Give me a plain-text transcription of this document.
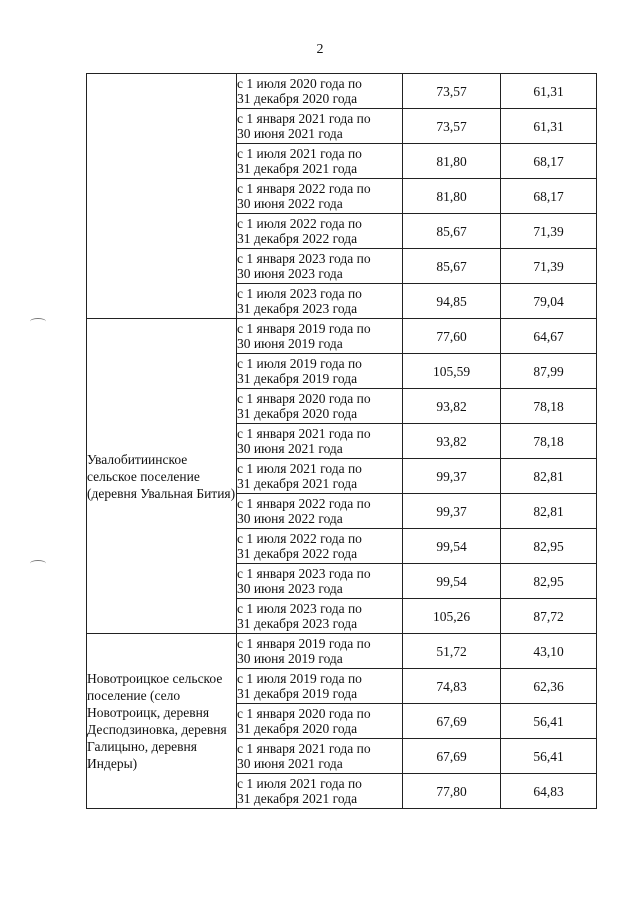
2

	с 1 июля 2020 года по
31 декабря 2020 года	73,57	61,31

	с 1 января 2021 года по
30 июня 2021 года	73,57	61,31

	с 1 июля 2021 года по
31 декабря 2021 года	81,80	68,17

	с 1 января 2022 года по
30 июня 2022 года	81,80	68,17

	с 1 июля 2022 года по
31 декабря 2022 года	85,67	71,39

	с 1 января 2023 года по
30 июня 2023 года	85,67	71,39

	с 1 июля 2023 года по
31 декабря 2023 года	94,85	79,04
Увалобитиинское сельское поселение (деревня Увальная Бития)	с 1 января 2019 года по
30 июня 2019 года	77,60	64,67

	с 1 июля 2019 года по
31 декабря 2019 года	105,59	87,99

	с 1 января 2020 года по
31 декабря 2020 года	93,82	78,18

	с 1 января 2021 года по
30 июня 2021 года	93,82	78,18

	с 1 июля 2021 года по
31 декабря 2021 года	99,37	82,81

	с 1 января 2022 года по
30 июня 2022 года	99,37	82,81

	с 1 июля 2022 года по
31 декабря 2022 года	99,54	82,95

	с 1 января 2023 года по
30 июня 2023 года	99,54	82,95

	с 1 июля 2023 года по
31 декабря 2023 года	105,26	87,72
Новотроицкое сельское поселение (село Новотроицк, деревня Десподзиновка, деревня Галицыно, деревня Индеры)	с 1 января 2019 года по
30 июня 2019 года	51,72	43,10

	с 1 июля 2019 года по
31 декабря 2019 года	74,83	62,36

	с 1 января 2020 года по
31 декабря 2020 года	67,69	56,41

	с 1 января 2021 года по
30 июня 2021 года	67,69	56,41

	с 1 июля 2021 года по
31 декабря 2021 года	77,80	64,83
